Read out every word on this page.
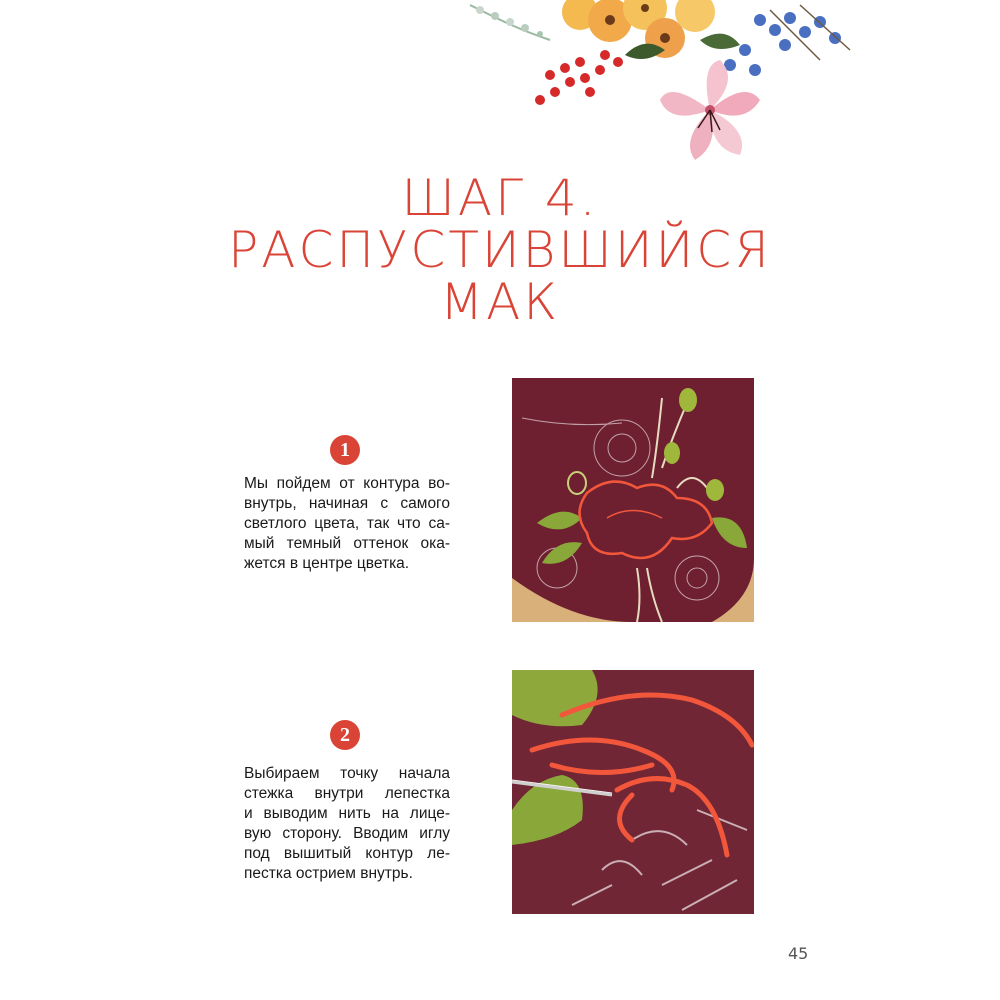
ШАГ 4.
РАСПУСТИВШИЙСЯ
МАК
1
Мы пойдем от контура во-
внутрь, начиная с самого
светлого цвета, так что са-
мый темный оттенок ока-
жется в центре цветка.
2
Выбираем точку начала
стежка внутри лепестка
и выводим нить на лице-
вую сторону. Вводим иглу
под вышитый контур ле-
пестка острием внутрь.
45
